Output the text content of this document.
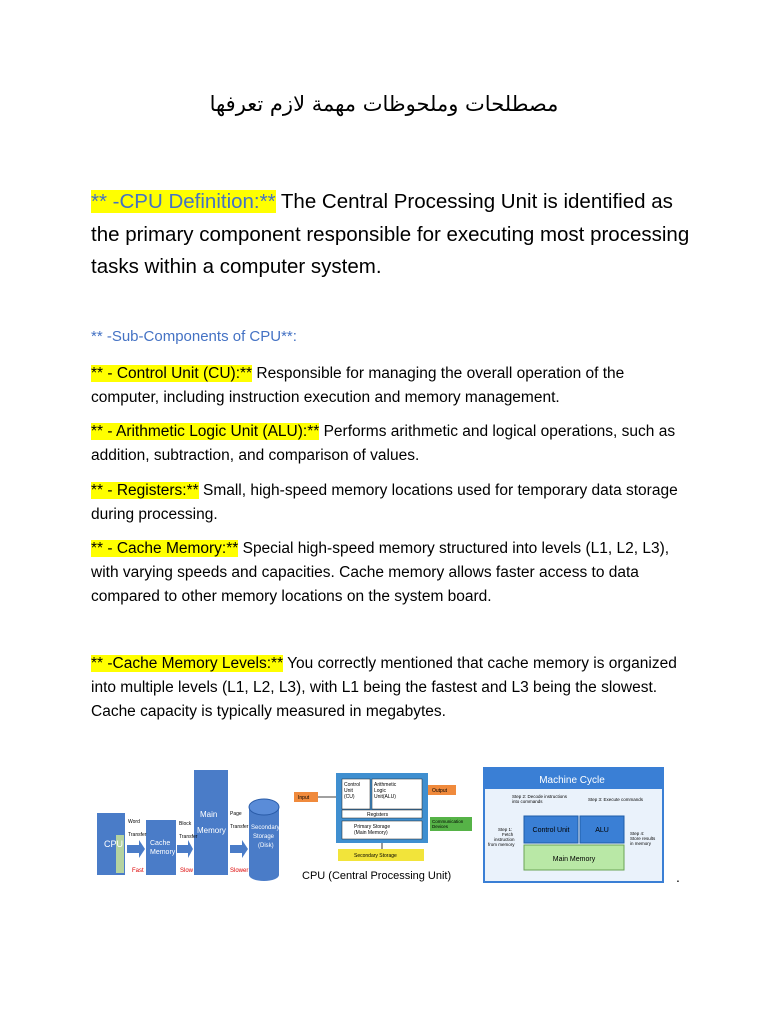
مصطلحات وملحوظات مهمة لازم تعرفها
** -CPU Definition:** The Central Processing Unit is identified as the primary component responsible for executing most processing tasks within a computer system.
** -Sub-Components of CPU**:
** - Control Unit (CU):** Responsible for managing the overall operation of the computer, including instruction execution and memory management.
** - Arithmetic Logic Unit (ALU):** Performs arithmetic and logical operations, such as addition, subtraction, and comparison of values.
** - Registers:** Small, high-speed memory locations used for temporary data storage during processing.
** - Cache Memory:** Special high-speed memory structured into levels (L1, L2, L3), with varying speeds and capacities. Cache memory allows faster access to data compared to other memory locations on the system board.
** -Cache Memory Levels:** You correctly mentioned that cache memory is organized into multiple levels (L1, L2, L3), with L1 being the fastest and L3 being the slowest. Cache capacity is typically measured in megabytes.
CPU	Cache Memory
Main Memory	Secondary Storage (Disk)
Word Transfer
Block Transfer
Page Transfer
Fast	Slow	Slower
Control Unit (CU)
Arithmetic Logic Unit(ALU)
Registers
Primary Storage (Main Memory)
Input
Output
Communication Devices
Secondary Storage
CPU (Central Processing Unit)
Machine Cycle
Step 2: Decode instructions into commands	Step 3: Execute commands
Control Unit	ALU
Main Memory
Step 1: Fetch instruction from memory
Step 4: Store results in memory
.
